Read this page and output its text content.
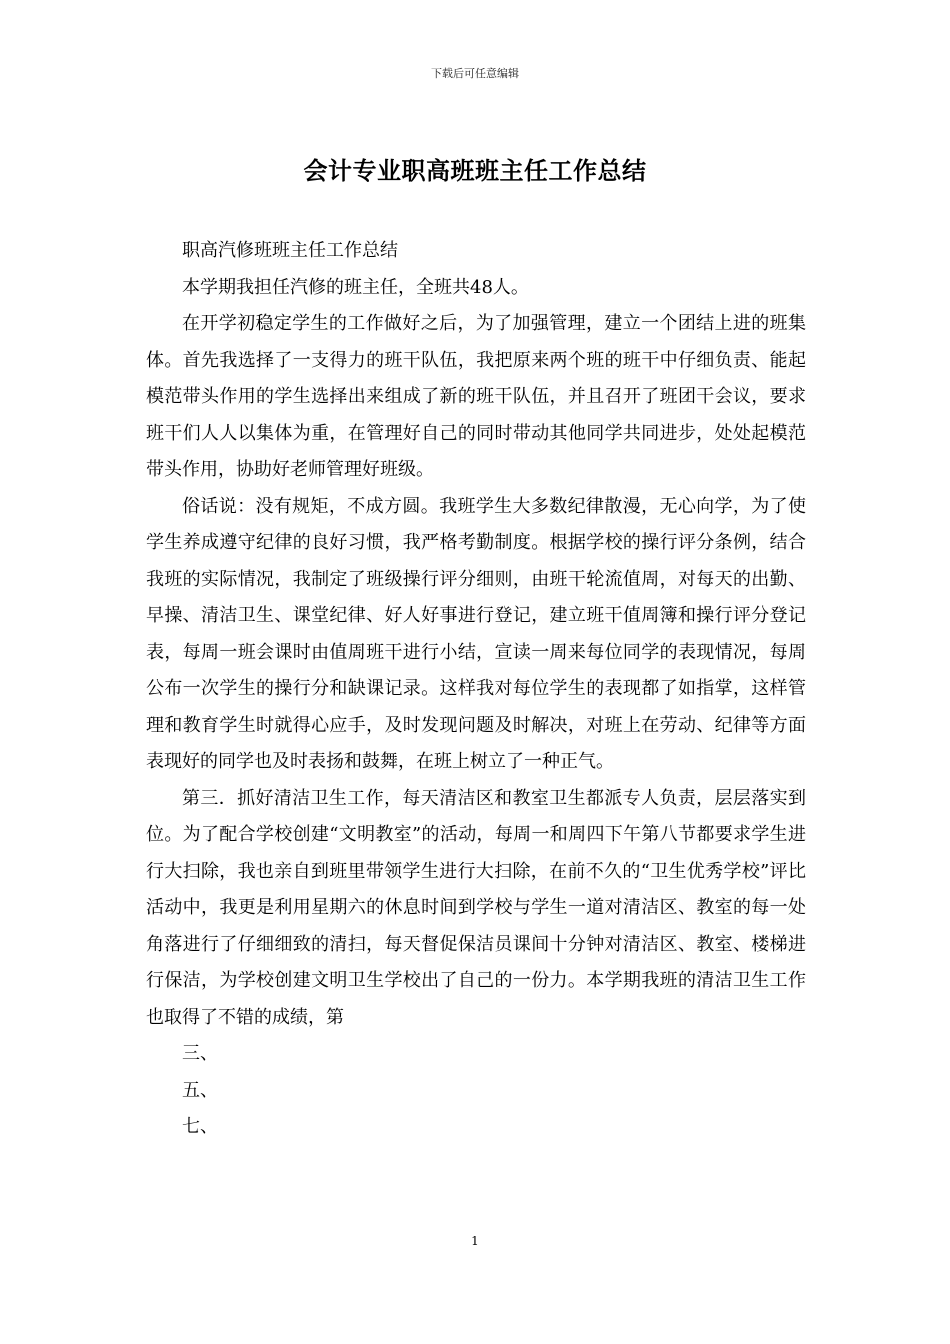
下载后可任意编辑
会计专业职高班班主任工作总结

职高汽修班班主任工作总结

本学期我担任汽修的班主任，全班共48人。

在开学初稳定学生的工作做好之后，为了加强管理，建立一个团结上进的班集体。首先我选择了一支得力的班干队伍，我把原来两个班的班干中仔细负责、能起模范带头作用的学生选择出来组成了新的班干队伍，并且召开了班团干会议，要求班干们人人以集体为重，在管理好自己的同时带动其他同学共同进步，处处起模范带头作用，协助好老师管理好班级。

俗话说：没有规矩，不成方圆。我班学生大多数纪律散漫，无心向学，为了使学生养成遵守纪律的良好习惯，我严格考勤制度。根据学校的操行评分条例，结合我班的实际情况，我制定了班级操行评分细则，由班干轮流值周，对每天的出勤、早操、清洁卫生、课堂纪律、好人好事进行登记，建立班干值周簿和操行评分登记表，每周一班会课时由值周班干进行小结，宣读一周来每位同学的表现情况，每周公布一次学生的操行分和缺课记录。这样我对每位学生的表现都了如指掌，这样管理和教育学生时就得心应手，及时发现问题及时解决，对班上在劳动、纪律等方面表现好的同学也及时表扬和鼓舞，在班上树立了一种正气。

第三．抓好清洁卫生工作，每天清洁区和教室卫生都派专人负责，层层落实到位。为了配合学校创建“文明教室”的活动，每周一和周四下午第八节都要求学生进行大扫除，我也亲自到班里带领学生进行大扫除，在前不久的“卫生优秀学校”评比活动中，我更是利用星期六的休息时间到学校与学生一道对清洁区、教室的每一处角落进行了仔细细致的清扫，每天督促保洁员课间十分钟对清洁区、教室、楼梯进行保洁，为学校创建文明卫生学校出了自己的一份力。本学期我班的清洁卫生工作也取得了不错的成绩，第

三、

五、

七、

1
